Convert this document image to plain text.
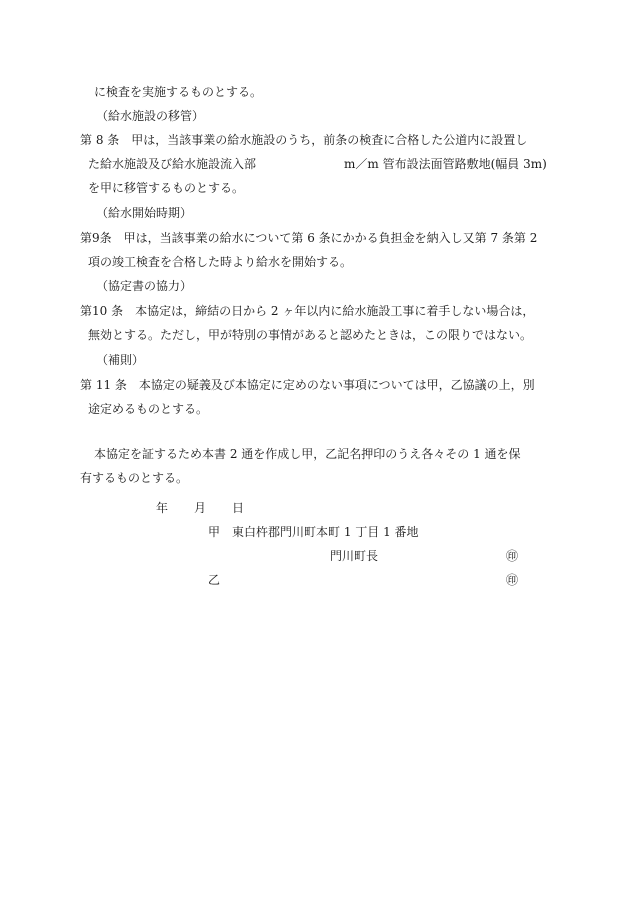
に検査を実施するものとする。
（給水施設の移管）
第 8 条　甲は，当該事業の給水施設のうち，前条の検査に合格した公道内に設置し
た給水施設及び給水施設流入部	m／m 管布設法面管路敷地(幅員 3m)
を甲に移管するものとする。
（給水開始時期）
第9条　甲は，当該事業の給水について第 6 条にかかる負担金を納入し又第 7 条第 2
項の竣工検査を合格した時より給水を開始する。
（協定書の協力）
第10 条　本協定は，締結の日から 2 ヶ年以内に給水施設工事に着手しない場合は，
無効とする。ただし，甲が特別の事情があると認めたときは，この限りではない。
（補則）
第 11 条　本協定の疑義及び本協定に定めのない事項については甲，乙協議の上，別
途定めるものとする。
本協定を証するため本書 2 通を作成し甲，乙記名押印のうえ各々その 1 通を保
有するものとする。
年 月 日
甲 東白杵郡門川町本町 1 丁目 1 番地
門川町長	㊞
乙	㊞
